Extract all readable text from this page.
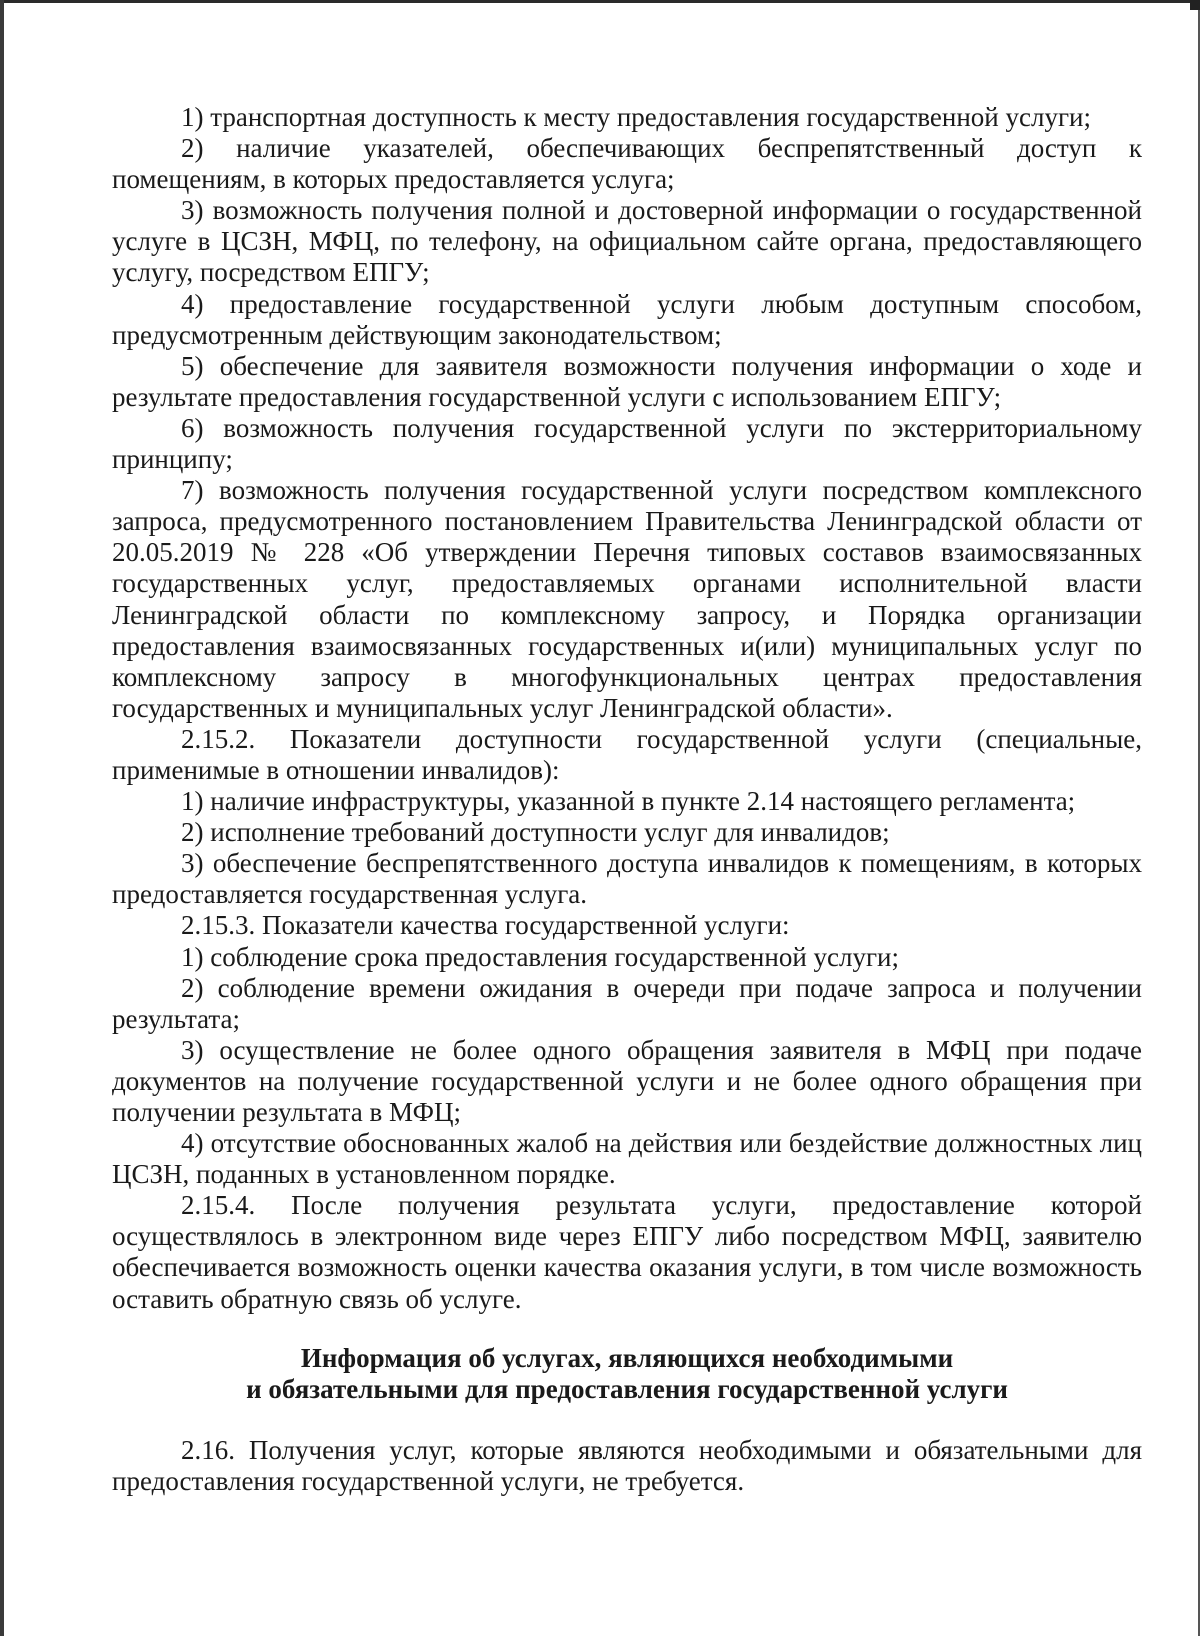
1) транспортная доступность к месту предоставления государственной услуги;

2) наличие указателей, обеспечивающих беспрепятственный доступ к помещениям, в которых предоставляется услуга;

3) возможность получения полной и достоверной информации о государственной услуге в ЦСЗН, МФЦ, по телефону, на официальном сайте органа, предоставляющего услугу, посредством ЕПГУ;

4) предоставление государственной услуги любым доступным способом, предусмотренным действующим законодательством;

5) обеспечение для заявителя возможности получения информации о ходе и результате предоставления государственной услуги с использованием ЕПГУ;

6) возможность получения государственной услуги по экстерриториальному принципу;

7) возможность получения государственной услуги посредством комплексного запроса, предусмотренного постановлением Правительства Ленинградской области от 20.05.2019 № 228 «Об утверждении Перечня типовых составов взаимосвязанных государственных услуг, предоставляемых органами исполнительной власти Ленинградской области по комплексному запросу, и Порядка организации предоставления взаимосвязанных государственных и(или) муниципальных услуг по комплексному запросу в многофункциональных центрах предоставления государственных и муниципальных услуг Ленинградской области».

2.15.2. Показатели доступности государственной услуги (специальные, применимые в отношении инвалидов):

1) наличие инфраструктуры, указанной в пункте 2.14 настоящего регламента;

2) исполнение требований доступности услуг для инвалидов;

3) обеспечение беспрепятственного доступа инвалидов к помещениям, в которых предоставляется государственная услуга.

2.15.3. Показатели качества государственной услуги:

1) соблюдение срока предоставления государственной услуги;

2) соблюдение времени ожидания в очереди при подаче запроса и получении результата;

3) осуществление не более одного обращения заявителя в МФЦ при подаче документов на получение государственной услуги и не более одного обращения при получении результата в МФЦ;

4) отсутствие обоснованных жалоб на действия или бездействие должностных лиц ЦСЗН, поданных в установленном порядке.

2.15.4. После получения результата услуги, предоставление которой осуществлялось в электронном виде через ЕПГУ либо посредством МФЦ, заявителю обеспечивается возможность оценки качества оказания услуги, в том числе возможность оставить обратную связь об услуге.

Информация об услугах, являющихся необходимыми

и обязательными для предоставления государственной услуги

2.16. Получения услуг, которые являются необходимыми и обязательными для предоставления государственной услуги, не требуется.
